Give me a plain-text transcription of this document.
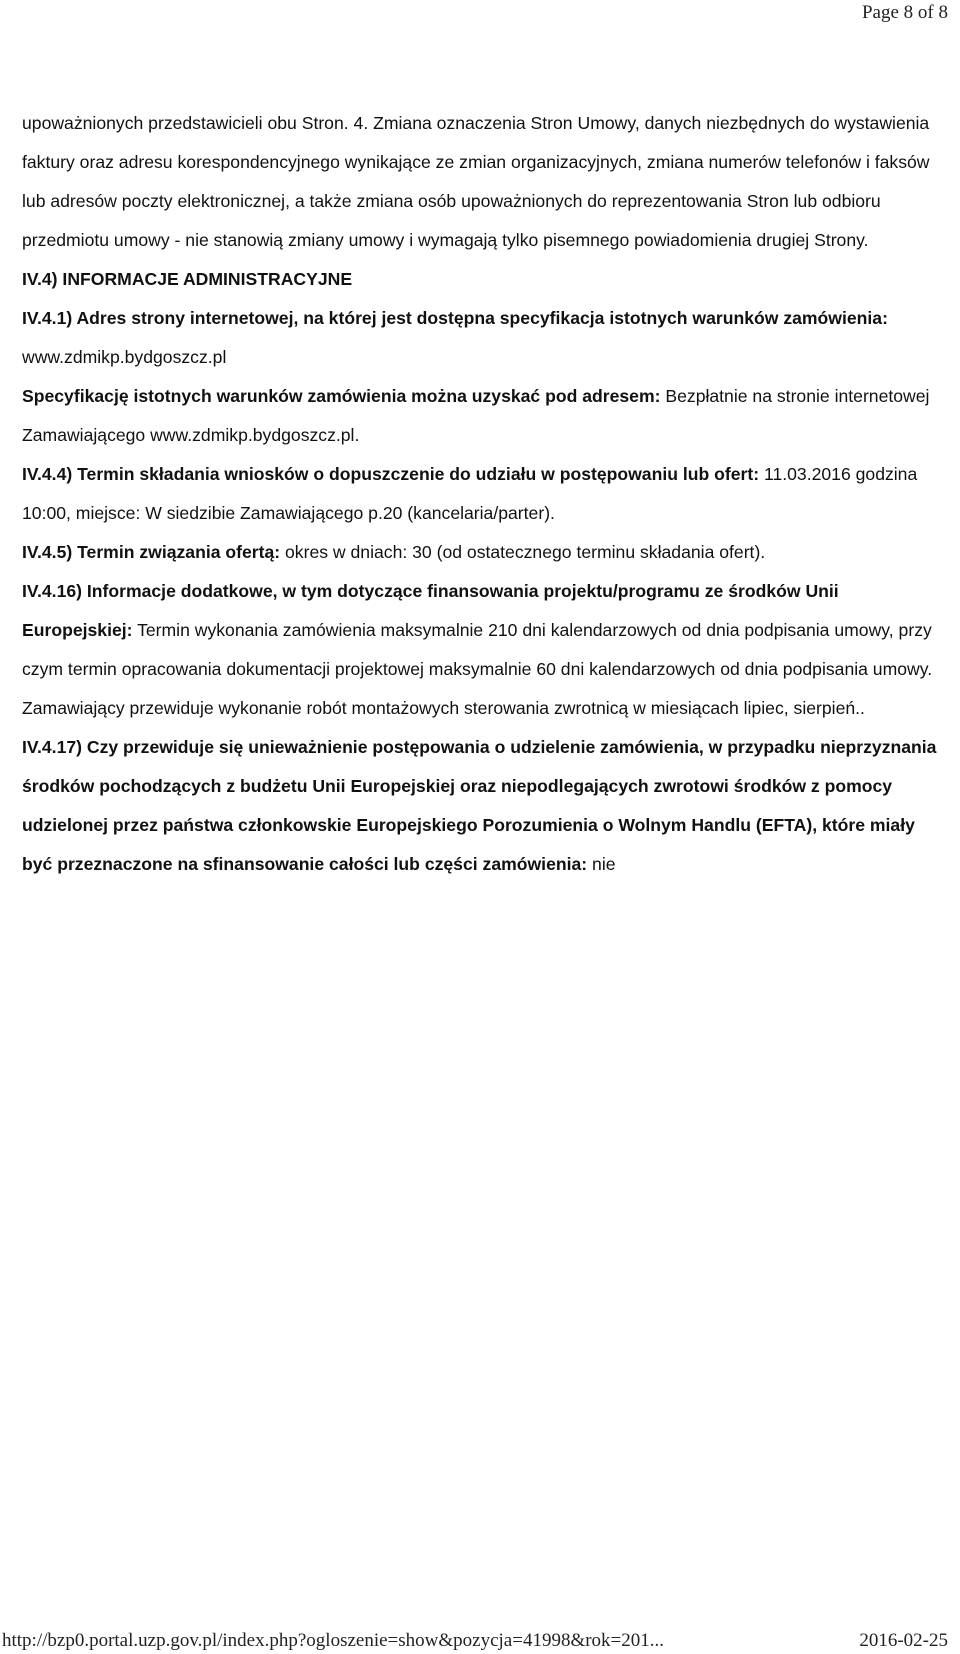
Page 8 of 8

upoważnionych przedstawicieli obu Stron. 4. Zmiana oznaczenia Stron Umowy, danych niezbędnych do wystawienia faktury oraz adresu korespondencyjnego wynikające ze zmian organizacyjnych, zmiana numerów telefonów i faksów lub adresów poczty elektronicznej, a także zmiana osób upoważnionych do reprezentowania Stron lub odbioru przedmiotu umowy - nie stanowią zmiany umowy i wymagają tylko pisemnego powiadomienia drugiej Strony.

IV.4) INFORMACJE ADMINISTRACYJNE

IV.4.1) Adres strony internetowej, na której jest dostępna specyfikacja istotnych warunków zamówienia: www.zdmikp.bydgoszcz.pl

Specyfikację istotnych warunków zamówienia można uzyskać pod adresem: Bezpłatnie na stronie internetowej Zamawiającego www.zdmikp.bydgoszcz.pl.

IV.4.4) Termin składania wniosków o dopuszczenie do udziału w postępowaniu lub ofert: 11.03.2016 godzina 10:00, miejsce: W siedzibie Zamawiającego p.20 (kancelaria/parter).

IV.4.5) Termin związania ofertą: okres w dniach: 30 (od ostatecznego terminu składania ofert).

IV.4.16) Informacje dodatkowe, w tym dotyczące finansowania projektu/programu ze środków Unii Europejskiej: Termin wykonania zamówienia maksymalnie 210 dni kalendarzowych od dnia podpisania umowy, przy czym termin opracowania dokumentacji projektowej maksymalnie 60 dni kalendarzowych od dnia podpisania umowy. Zamawiający przewiduje wykonanie robót montażowych sterowania zwrotnicą w miesiącach lipiec, sierpień..

IV.4.17) Czy przewiduje się unieważnienie postępowania o udzielenie zamówienia, w przypadku nieprzyznania środków pochodzących z budżetu Unii Europejskiej oraz niepodlegających zwrotowi środków z pomocy udzielonej przez państwa członkowskie Europejskiego Porozumienia o Wolnym Handlu (EFTA), które miały być przeznaczone na sfinansowanie całości lub części zamówienia: nie

http://bzp0.portal.uzp.gov.pl/index.php?ogloszenie=show&pozycja=41998&rok=201...	2016-02-25
